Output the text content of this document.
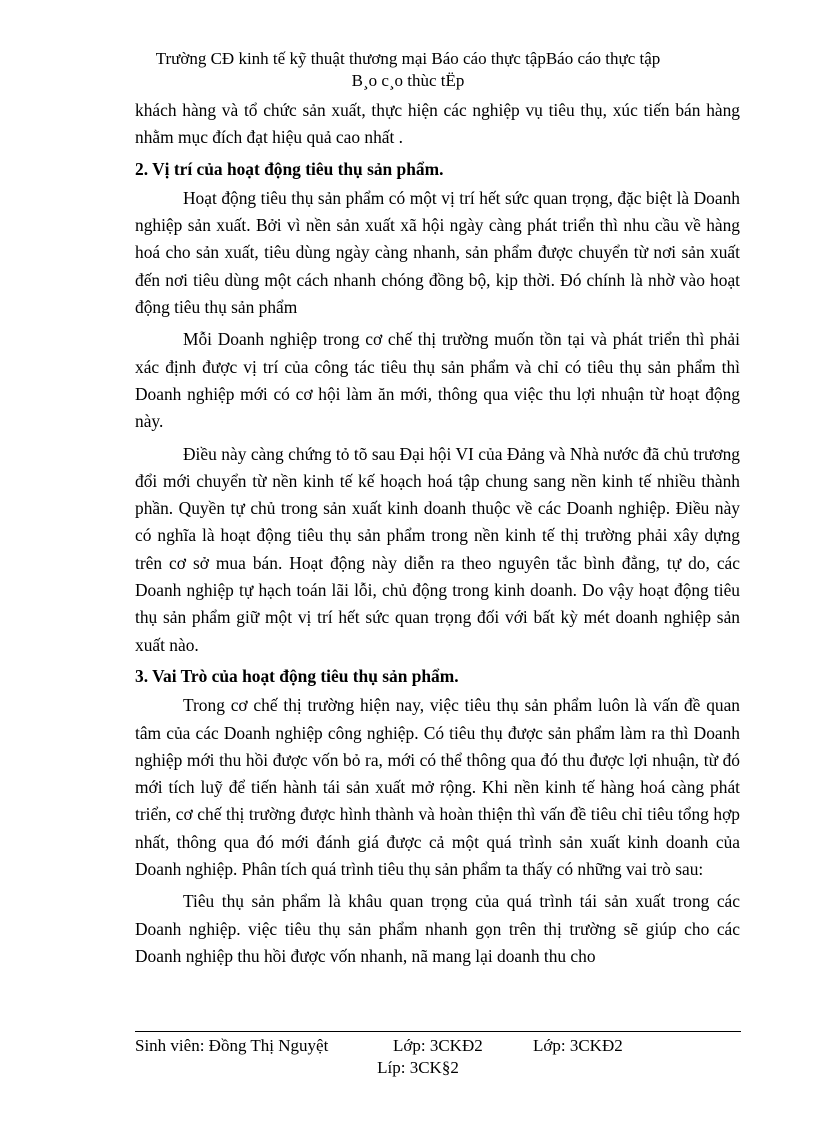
Trường CĐ kinh tế kỹ thuật thương mại Báo cáo thực tậpBáo cáo thực tập
B¸o c¸o thùc tËp

khách hàng và tổ chức sản xuất, thực hiện các nghiệp vụ tiêu thụ, xúc tiến bán hàng nhằm mục đích đạt hiệu quả cao nhất .

2. Vị trí của hoạt động tiêu thụ sản phẩm.

Hoạt động tiêu thụ sản phẩm có một vị trí hết sức quan trọng, đặc biệt là Doanh nghiệp sản xuất. Bởi vì nền sản xuất xã hội ngày càng phát triển thì nhu cầu về hàng hoá cho sản xuất, tiêu dùng ngày càng nhanh, sản phẩm được chuyển từ nơi sản xuất đến nơi tiêu dùng một cách nhanh chóng đồng bộ, kịp thời. Đó chính là nhờ vào hoạt động tiêu thụ sản phẩm

Mỗi Doanh nghiệp trong cơ chế thị trường muốn tồn tại và phát triển thì phải xác định được vị trí của công tác tiêu thụ sản phẩm và chỉ có tiêu thụ sản phẩm thì Doanh nghiệp mới có cơ hội làm ăn mới, thông qua việc thu lợi nhuận từ hoạt động này.

Điều này càng chứng tỏ tõ sau Đại hội VI của Đảng và Nhà nước đã chủ trương đổi mới chuyển từ nền kinh tế kế hoạch hoá tập chung sang nền kinh tế nhiều thành phần. Quyền tự chủ trong sản xuất kinh doanh thuộc về các Doanh nghiệp. Điều này có nghĩa là hoạt động tiêu thụ sản phẩm trong nền kinh tế thị trường phải xây dựng trên cơ sở mua bán. Hoạt động này diễn ra theo nguyên tắc bình đẳng, tự do, các Doanh nghiệp tự hạch toán lãi lỗi, chủ động trong kinh doanh. Do vậy hoạt động tiêu thụ sản phẩm giữ một vị trí hết sức quan trọng đối với bất kỳ mét doanh nghiệp sản xuất nào.

3. Vai Trò của hoạt động tiêu thụ sản phẩm.

Trong cơ chế thị trường hiện nay, việc tiêu thụ sản phẩm luôn là vấn đề quan tâm của các Doanh nghiệp công nghiệp. Có tiêu thụ được sản phẩm làm ra thì Doanh nghiệp mới thu hồi được vốn bỏ ra, mới có thể thông qua đó thu được lợi nhuận, từ đó mới tích luỹ để tiến hành tái sản xuất mở rộng. Khi nền kinh tế hàng hoá càng phát triển, cơ chế thị trường được hình thành và hoàn thiện thì vấn đề tiêu chỉ tiêu tổng hợp nhất, thông qua đó mới đánh giá được cả một quá trình sản xuất kinh doanh của Doanh nghiệp. Phân tích quá trình tiêu thụ sản phẩm ta thấy có những vai trò sau:

Tiêu thụ sản phẩm là khâu quan trọng của quá trình tái sản xuất trong các Doanh nghiệp. việc tiêu thụ sản phẩm nhanh gọn trên thị trường sẽ giúp cho các Doanh nghiệp thu hồi được vốn nhanh, nã mang lại doanh thu cho

Sinh viên: Đồng Thị Nguyệt	Lớp: 3CKĐ2	Lớp: 3CKĐ2
Líp: 3CK§2
